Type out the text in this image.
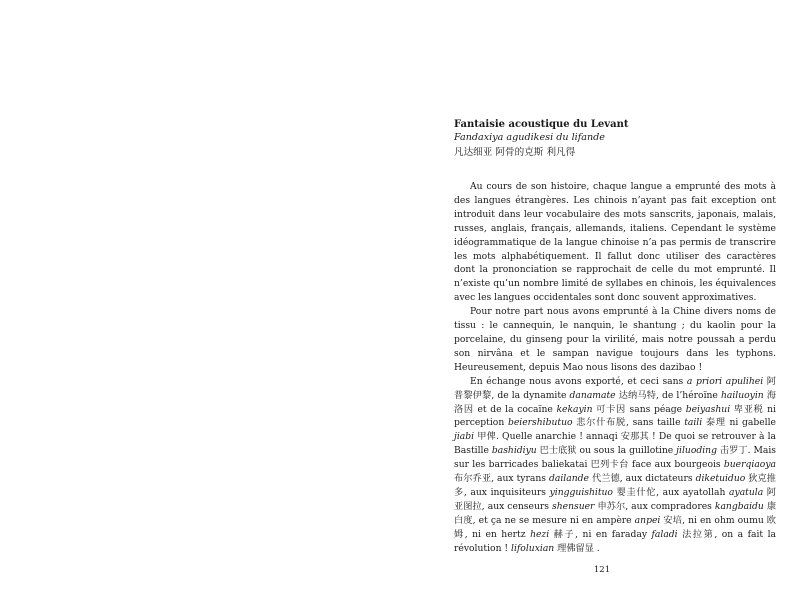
Fantaisie acoustique du Levant

Fandaxiya agudikesi du lifande

凡达细亚 阿骨的克斯 利凡得

Au cours de son histoire, chaque langue a emprunté des mots à des langues étrangères. Les chinois n’ayant pas fait exception ont introduit dans leur vocabulaire des mots sanscrits, japonais, malais, russes, anglais, français, allemands, italiens. Cependant le système idéogrammatique de la langue chinoise n’a pas permis de transcrire les mots alphabétiquement. Il fallut donc utiliser des caractères dont la prononciation se rapprochait de celle du mot emprunté. Il n’existe qu’un nombre limité de syllabes en chinois, les équivalences avec les langues occidentales sont donc souvent approximatives.

Pour notre part nous avons emprunté à la Chine divers noms de tissu : le cannequin, le nanquin, le shantung ; du kaolin pour la porcelaine, du ginseng pour la virilité, mais notre poussah a perdu son nirvâna et le sampan navigue toujours dans les typhons. Heureusement, depuis Mao nous lisons des dazibao !

En échange nous avons exporté, et ceci sans a priori apulihei 阿普黎伊黎, de la dynamite danamate 达纳马特, de l’héroïne hailuoyin 海洛因 et de la cocaïne kekayin 可卡因 sans péage beiyashui 卑亚税 ni perception beiershibutuo 悲尔什布脱, sans taille taili 泰理 ni gabelle jiabi 甲俾. Quelle anarchie ! annaqi 安那其 ! De quoi se retrouver à la Bastille bashidiyu 巴士底狱 ou sous la guillotine jiluoding 击罗丁. Mais sur les barricades baliekatai 巴列卡台 face aux bourgeois buerqiaoya 布尔乔亚, aux tyrans dailande 代兰德, aux dictateurs diketuiduo 狄克推多, aux inquisiteurs yingguishituo 婴圭什佗, aux ayatollah ayatula 阿亚图拉, aux censeurs shensuer 申苏尔, aux compradores kangbaidu 康白度, et ça ne se mesure ni en ampère anpei 安培, ni en ohm oumu 欧姆, ni en hertz hezi 赫子, ni en faraday faladi 法拉第, on a fait la révolution ! lifoluxian 理佛留显 .

121
